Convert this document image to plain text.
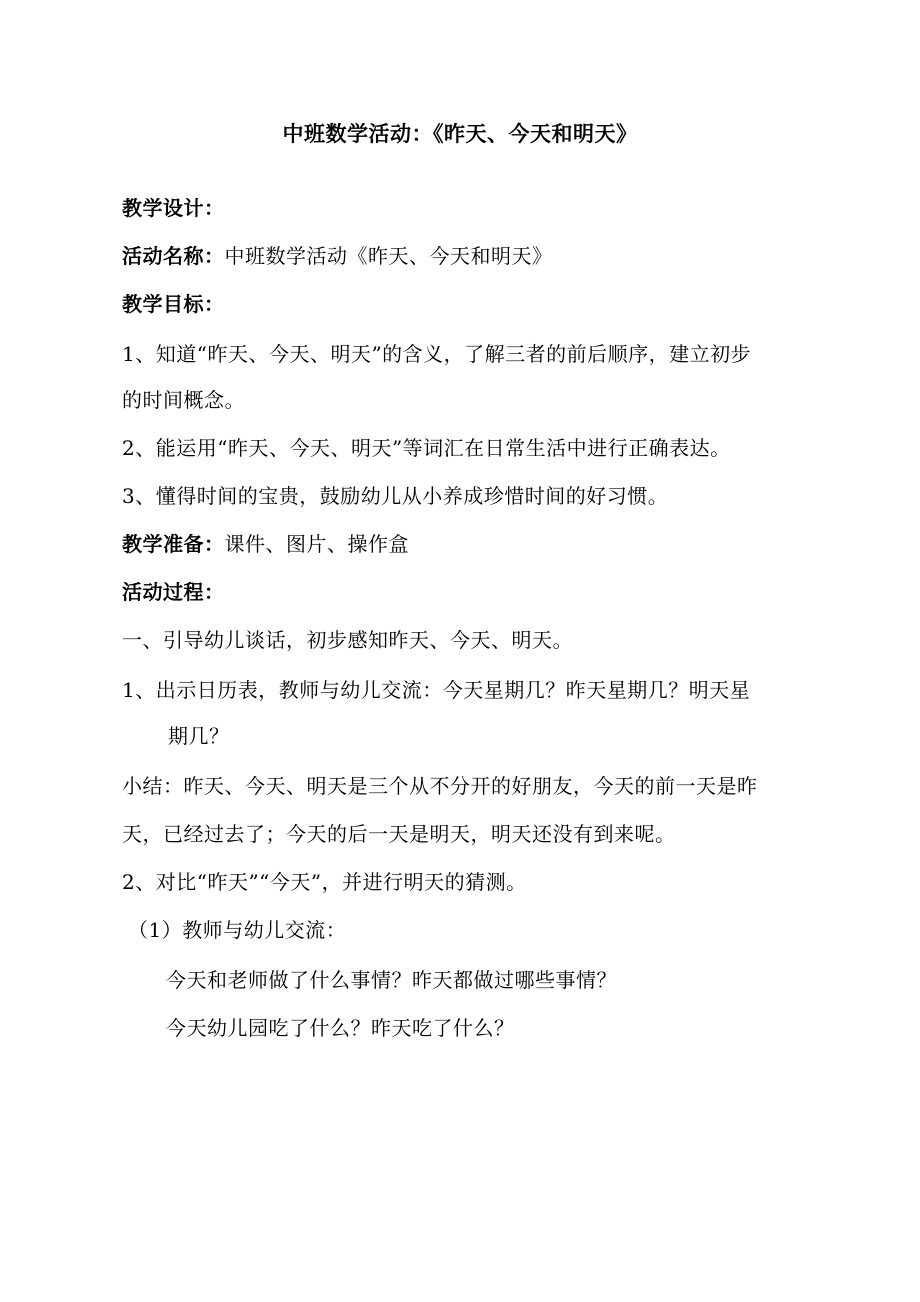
中班数学活动：《昨天、今天和明天》
教学设计：
活动名称：中班数学活动《昨天、今天和明天》
教学目标：
1、知道“昨天、今天、明天”的含义，了解三者的前后顺序，建立初步
的时间概念。
2、能运用“昨天、今天、明天”等词汇在日常生活中进行正确表达。
3、懂得时间的宝贵，鼓励幼儿从小养成珍惜时间的好习惯。
教学准备：课件、图片、操作盒
活动过程：
一、引导幼儿谈话，初步感知昨天、今天、明天。
1、出示日历表，教师与幼儿交流：今天星期几？昨天星期几？明天星
期几？
小结：昨天、今天、明天是三个从不分开的好朋友，今天的前一天是昨
天，已经过去了；今天的后一天是明天，明天还没有到来呢。
2、对比“昨天”“今天”，并进行明天的猜测。
（1）教师与幼儿交流：
今天和老师做了什么事情？昨天都做过哪些事情？
今天幼儿园吃了什么？昨天吃了什么？
